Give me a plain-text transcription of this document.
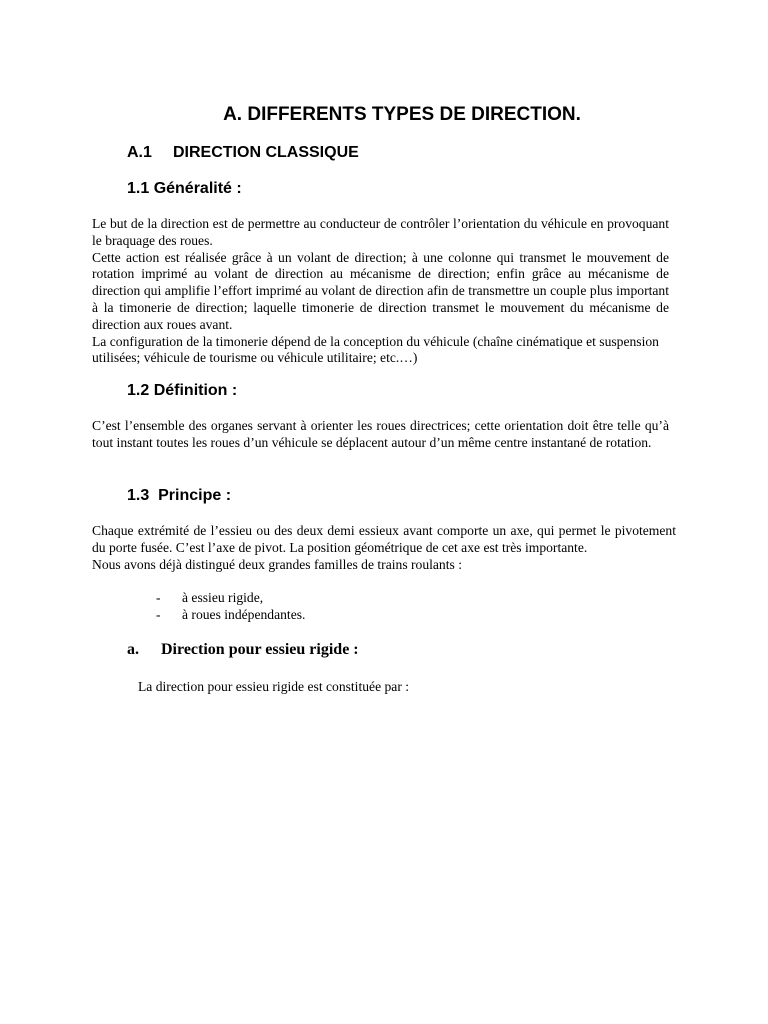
A. DIFFERENTS TYPES DE DIRECTION.
A.1 DIRECTION CLASSIQUE
1.1 Généralité :

Le but de la direction est de permettre au conducteur de contrôler l’orientation du véhicule en provoquant le braquage des roues.

Cette action est réalisée grâce à un volant de direction; à une colonne qui transmet le mouvement de rotation imprimé au volant de direction au mécanisme de direction; enfin grâce au mécanisme de direction qui amplifie l’effort imprimé au volant de direction afin de transmettre un couple plus important à la timonerie de direction; laquelle timonerie de direction transmet le mouvement du mécanisme de direction aux roues avant.

La configuration de la timonerie dépend de la conception du véhicule (chaîne cinématique et suspension utilisées; véhicule de tourisme ou véhicule utilitaire; etc.…)

1.2 Définition :

C’est l’ensemble des organes servant à orienter les roues directrices; cette orientation doit être telle qu’à tout instant toutes les roues d’un véhicule se déplacent autour d’un même centre instantané de rotation.

1.3  Principe :

Chaque extrémité de l’essieu ou des deux demi essieux avant comporte un axe, qui permet le pivotement du porte fusée. C’est l’axe de pivot. La position géométrique de cet axe est très importante.

Nous avons déjà distingué deux grandes familles de trains roulants :

-	à essieu rigide,
-	à roues indépendantes.
a. Direction pour essieu rigide :

La direction pour essieu rigide est constituée par :
